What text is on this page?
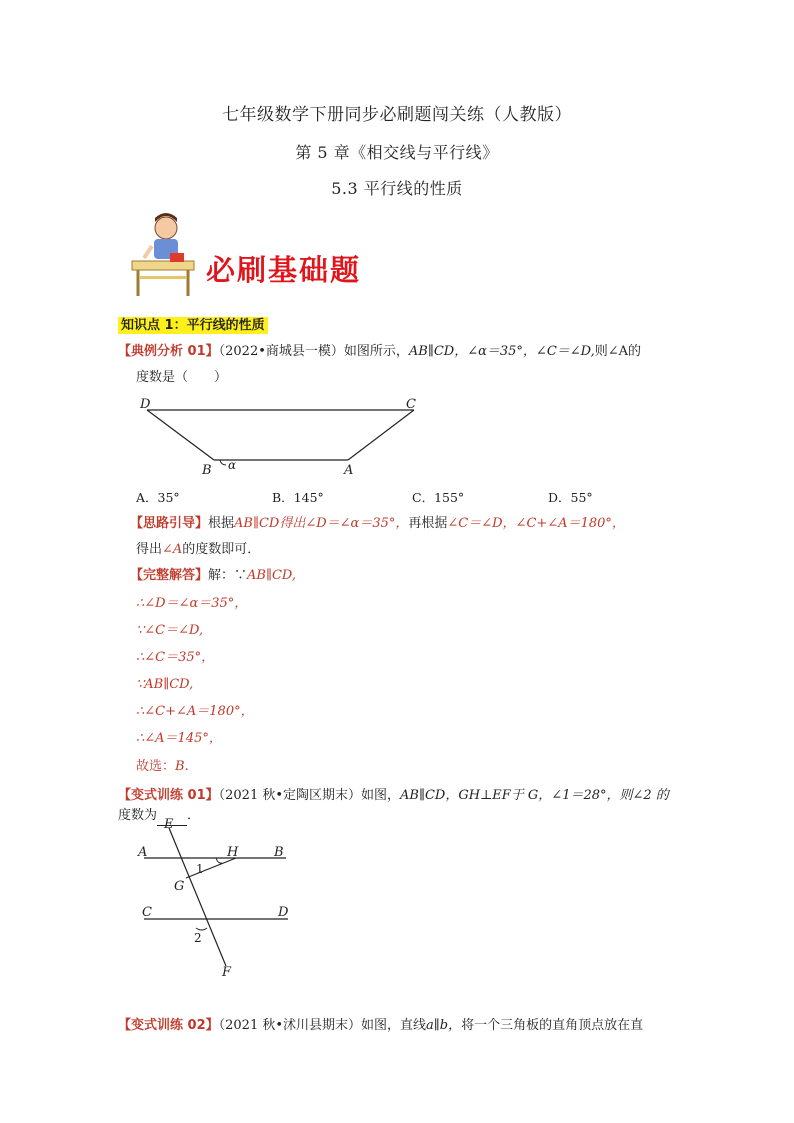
七年级数学下册同步必刷题闯关练（人教版）
第 5 章《相交线与平行线》
5.3 平行线的性质
必刷基础题
知识点 1：平行线的性质
【典例分析 01】（2022•商城县一模）如图所示，AB∥CD，∠α＝35°，∠C＝∠D,则∠A的
度数是（　　）
D	C
B	A
α
A．35°	B．145°	C．155°	D．55°
【思路引导】根据AB∥CD得出∠D＝∠α＝35°，再根据∠C＝∠D，∠C+∠A＝180°，
得出∠A的度数即可．
【完整解答】解：∵AB∥CD,
∴∠D＝∠α＝35°，
∵∠C＝∠D,
∴∠C＝35°，
∵AB∥CD,
∴∠C+∠A＝180°，
∴∠A＝145°，
故选：B.
【变式训练 01】（2021 秋•定陶区期末）如图，AB∥CD，GH⊥EF于 G，∠1＝28°，则∠2 的
度数为 ．
E
A	H	B
1
G
C	D
2
F
【变式训练 02】（2021 秋•沭川县期末）如图，直线a∥b，将一个三角板的直角顶点放在直
